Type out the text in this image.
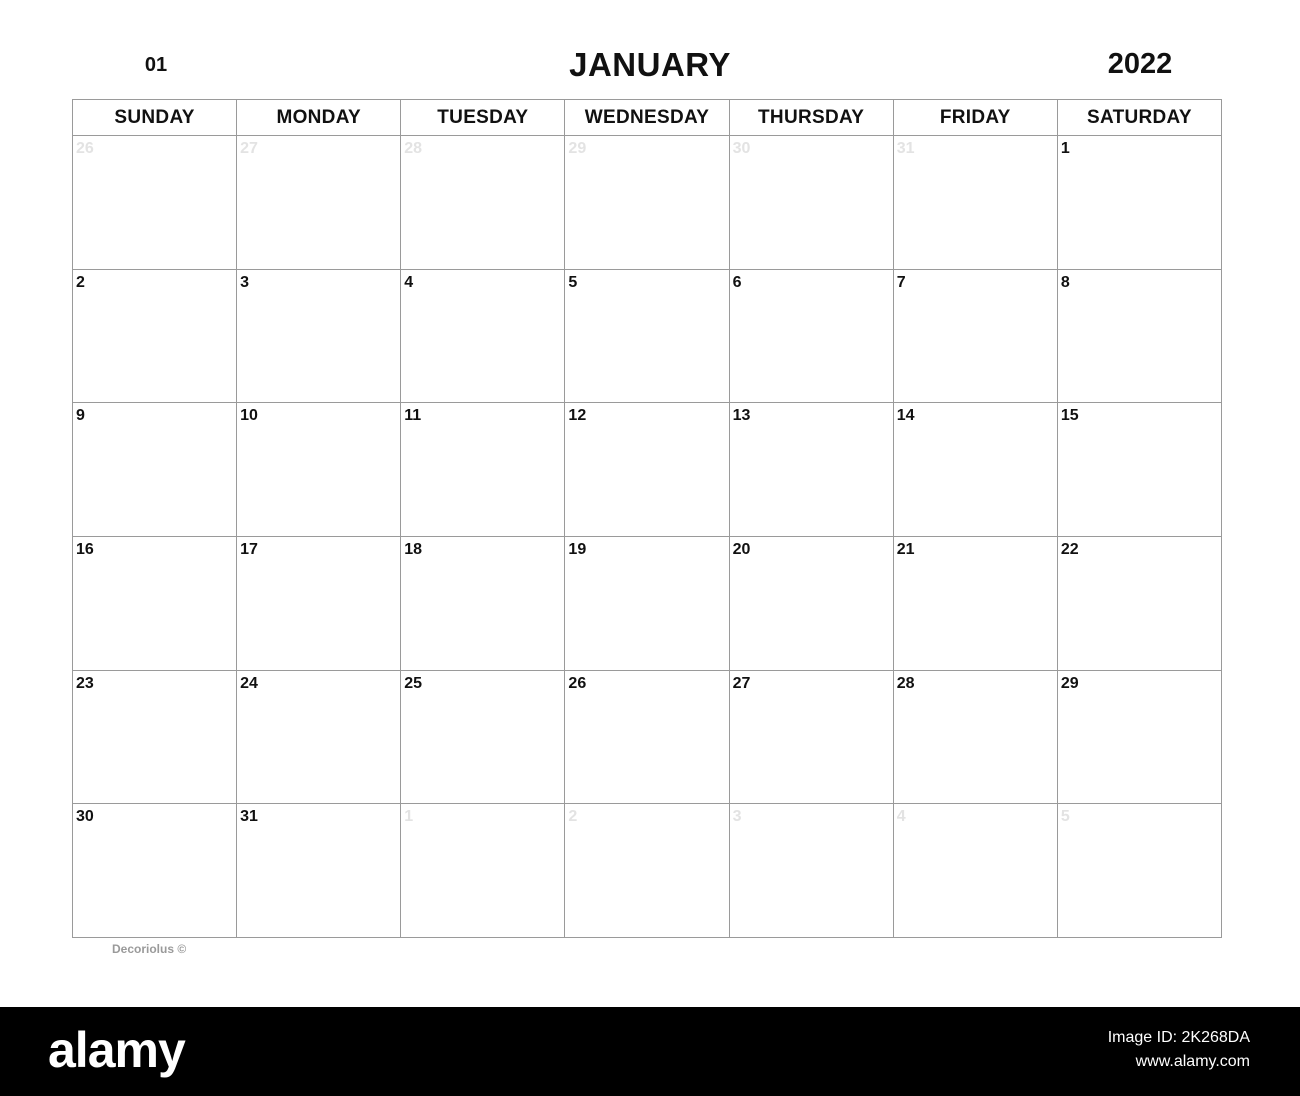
01	JANUARY	2022
SUNDAY	MONDAY	TUESDAY	WEDNESDAY	THURSDAY	FRIDAY	SATURDAY
26	27	28	29	30	31	1
2	3	4	5	6	7	8
9	10	11	12	13	14	15
16	17	18	19	20	21	22
23	24	25	26	27	28	29
30	31	1	2	3	4	5
Decoriolus ©
alamy	Image ID: 2K268DA
www.alamy.com
